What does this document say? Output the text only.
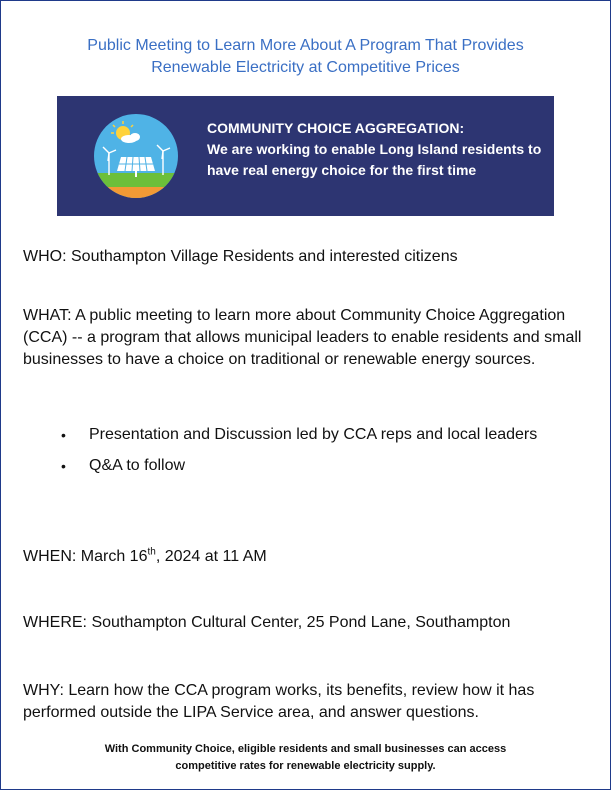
Public Meeting to Learn More About A Program That Provides
Renewable Electricity at Competitive Prices
COMMUNITY CHOICE AGGREGATION:
We are working to enable Long Island residents to have real energy choice for the first time
WHO: Southampton Village Residents and interested citizens
WHAT: A public meeting to learn more about Community Choice Aggregation (CCA) -- a program that allows municipal leaders to enable residents and small businesses to have a choice on traditional or renewable energy sources.
• Presentation and Discussion led by CCA reps and local leaders
• Q&A to follow
WHEN: March 16th, 2024 at 11 AM
WHERE: Southampton Cultural Center, 25 Pond Lane, Southampton
WHY: Learn how the CCA program works, its benefits, review how it has performed outside the LIPA Service area, and answer questions.
With Community Choice, eligible residents and small businesses can access
competitive rates for renewable electricity supply.
